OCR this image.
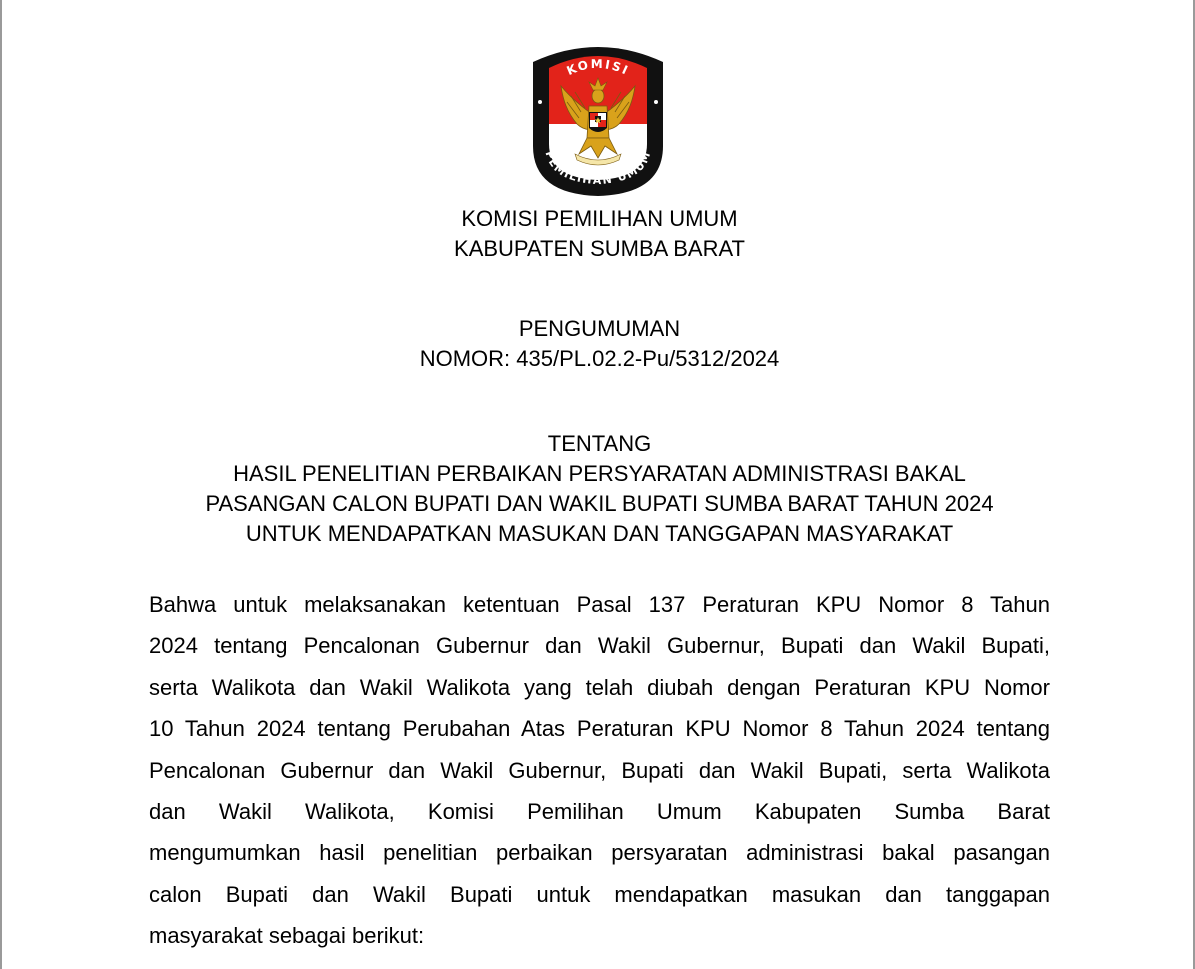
KOMISI
PEMILIHAN UMUM
KOMISI PEMILIHAN UMUM
KABUPATEN SUMBA BARAT
PENGUMUMAN
NOMOR: 435/PL.02.2-Pu/5312/2024
TENTANG
HASIL PENELITIAN PERBAIKAN PERSYARATAN ADMINISTRASI BAKAL
PASANGAN CALON BUPATI DAN WAKIL BUPATI SUMBA BARAT TAHUN 2024
UNTUK MENDAPATKAN MASUKAN DAN TANGGAPAN MASYARAKAT
Bahwa untuk melaksanakan ketentuan Pasal 137 Peraturan KPU Nomor 8 Tahun
2024 tentang Pencalonan Gubernur dan Wakil Gubernur, Bupati dan Wakil Bupati,
serta Walikota dan Wakil Walikota yang telah diubah dengan Peraturan KPU Nomor
10 Tahun 2024 tentang Perubahan Atas Peraturan KPU Nomor 8 Tahun 2024 tentang
Pencalonan Gubernur dan Wakil Gubernur, Bupati dan Wakil Bupati, serta Walikota
dan Wakil Walikota, Komisi Pemilihan Umum Kabupaten Sumba Barat
mengumumkan hasil penelitian perbaikan persyaratan administrasi bakal pasangan
calon Bupati dan Wakil Bupati untuk mendapatkan masukan dan tanggapan
masyarakat sebagai berikut:
